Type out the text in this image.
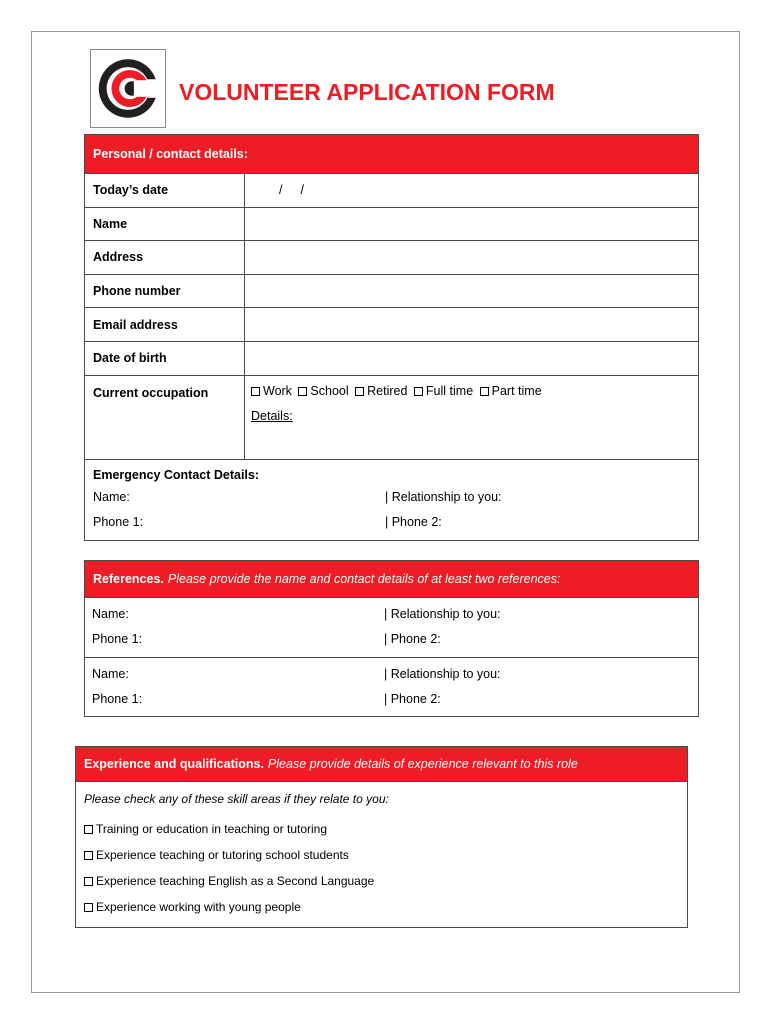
VOLUNTEER APPLICATION FORM
Personal / contact details:
Today’s date	/ /
Name
Address
Phone number
Email address
Date of birth
Current occupation	Work School Retired Full time Part time
Details:
Emergency Contact Details:
Name:	| Relationship to you:
Phone 1:	| Phone 2:
References. Please provide the name and contact details of at least two references:
Name:	| Relationship to you:
Phone 1:	| Phone 2:
Name:	| Relationship to you:
Phone 1:	| Phone 2:
Experience and qualifications. Please provide details of experience relevant to this role
Please check any of these skill areas if they relate to you:
Training or education in teaching or tutoring
Experience teaching or tutoring school students
Experience teaching English as a Second Language
Experience working with young people
